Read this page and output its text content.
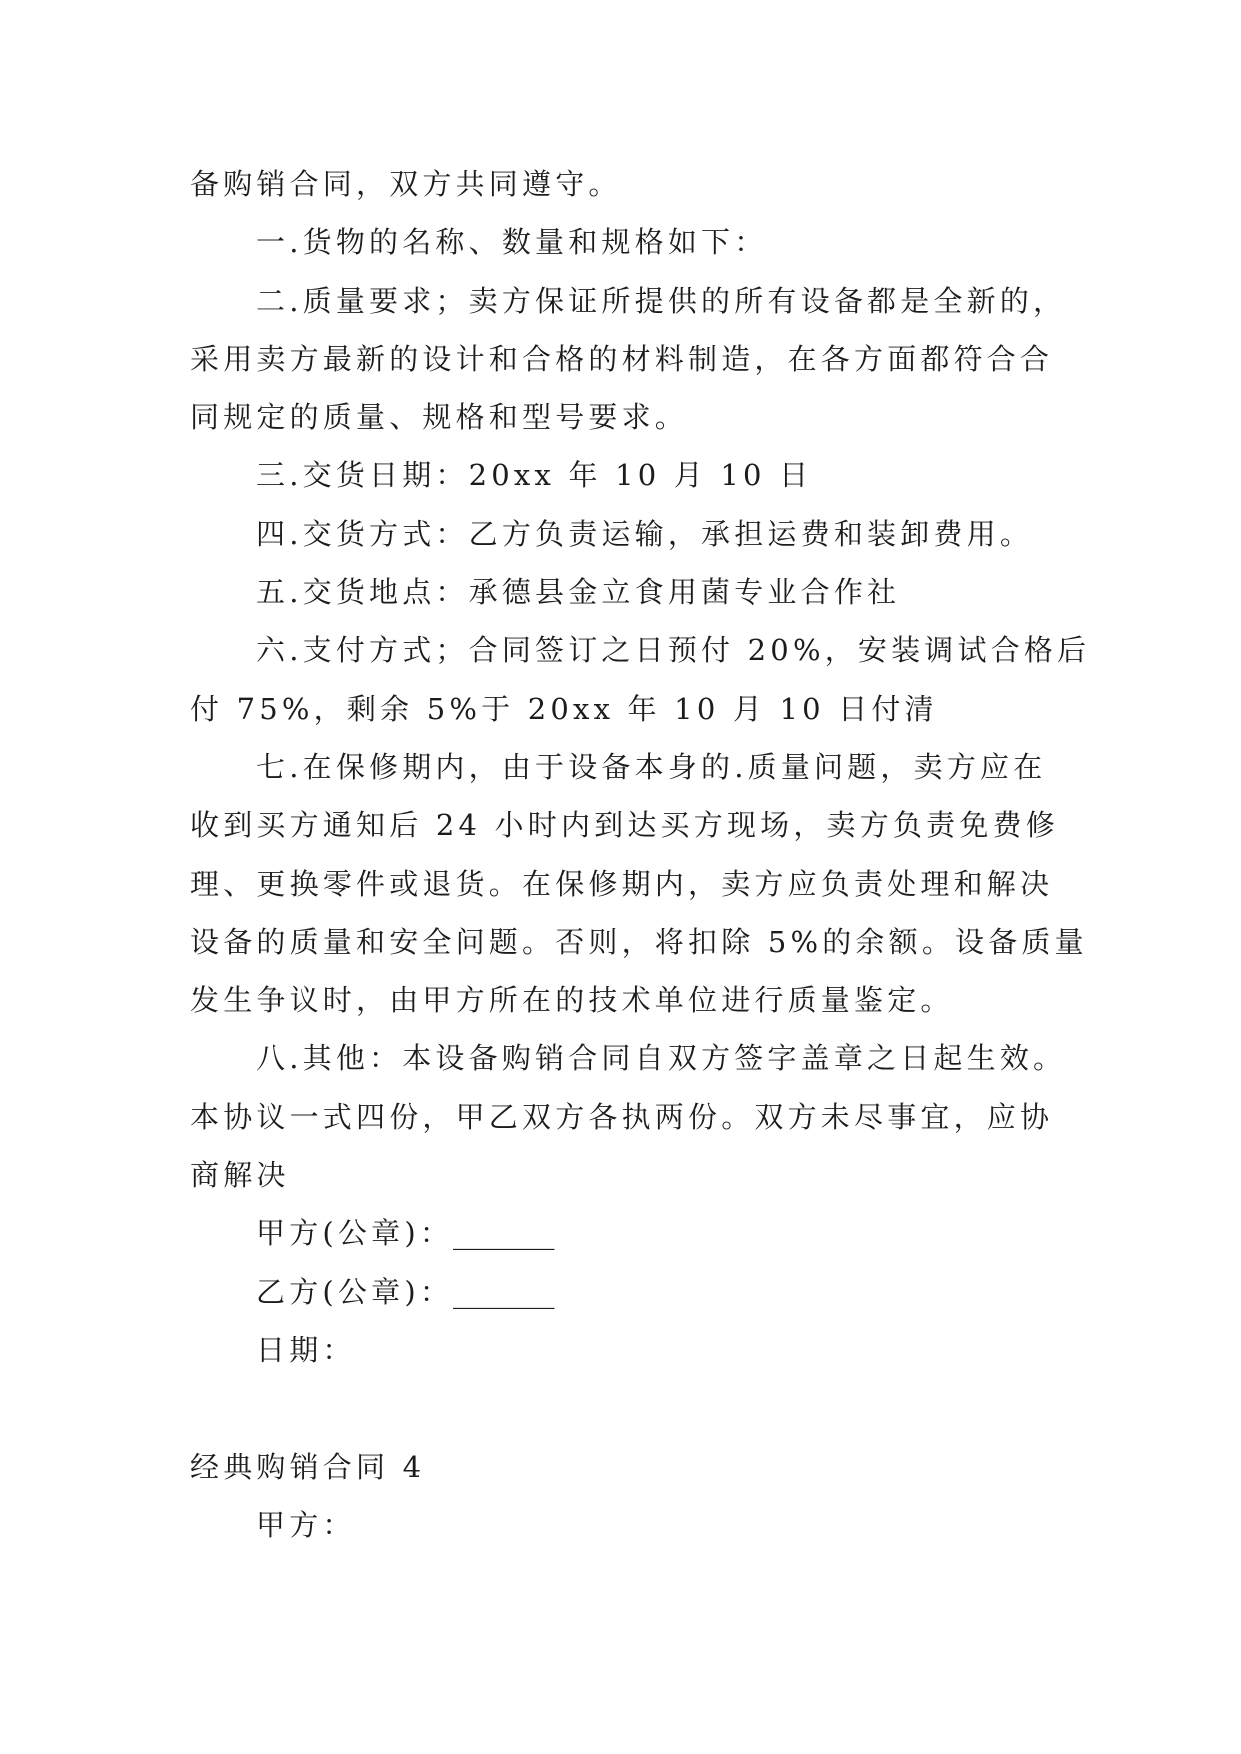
备购销合同，双方共同遵守。
一.货物的名称、数量和规格如下：
二.质量要求；卖方保证所提供的所有设备都是全新的，
采用卖方最新的设计和合格的材料制造，在各方面都符合合
同规定的质量、规格和型号要求。
三.交货日期：20xx 年 10 月 10 日
四.交货方式：乙方负责运输，承担运费和装卸费用。
五.交货地点：承德县金立食用菌专业合作社
六.支付方式；合同签订之日预付 20%，安装调试合格后
付 75%，剩余 5%于 20xx 年 10 月 10 日付清
七.在保修期内，由于设备本身的.质量问题，卖方应在
收到买方通知后 24 小时内到达买方现场，卖方负责免费修
理、更换零件或退货。在保修期内，卖方应负责处理和解决
设备的质量和安全问题。否则，将扣除 5%的余额。设备质量
发生争议时，由甲方所在的技术单位进行质量鉴定。
八.其他：本设备购销合同自双方签字盖章之日起生效。
本协议一式四份，甲乙双方各执两份。双方未尽事宜，应协
商解决
甲方(公章)：_______
乙方(公章)：_______
日期：
经典购销合同 4
甲方：
